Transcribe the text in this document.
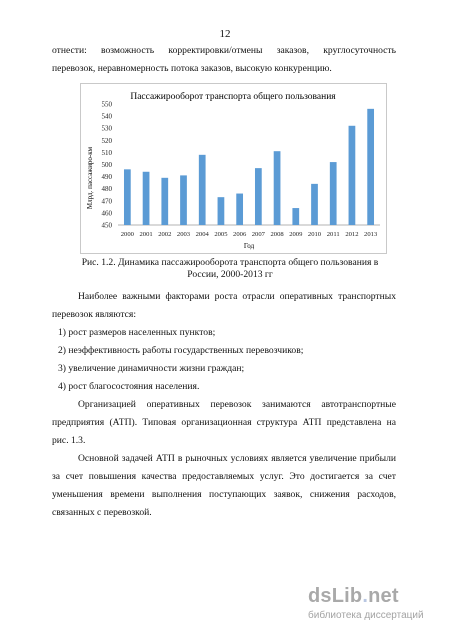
12
отнести: возможность корректировки/отмены заказов, круглосуточность
перевозок, неравномерность потока заказов, высокую конкуренцию.
Пассажирооборот транспорта общего пользования
Млрд. пассажиро-км
Год
450
460
470
480
490
500
510
520
530
540
550
2000 2001 2002 2003 2004 2005 2006 2007 2008 2009 2010 2011 2012 2013
Рис. 1.2. Динамика пассажирооборота транспорта общего пользования в
России, 2000-2013 гг
Наиболее важными факторами роста отрасли оперативных транспортных
перевозок являются:
1) рост размеров населенных пунктов;
2) неэффективность работы государственных перевозчиков;
3) увеличение динамичности жизни граждан;
4) рост благосостояния населения.
Организацией оперативных перевозок занимаются автотранспортные
предприятия (АТП). Типовая организационная структура АТП представлена на
рис. 1.3.
Основной задачей АТП в рыночных условиях является увеличение прибыли
за счет повышения качества предоставляемых услуг. Это достигается за счет
уменьшения времени выполнения поступающих заявок, снижения расходов,
связанных с перевозкой.
dsLib.net
библиотека диссертаций
